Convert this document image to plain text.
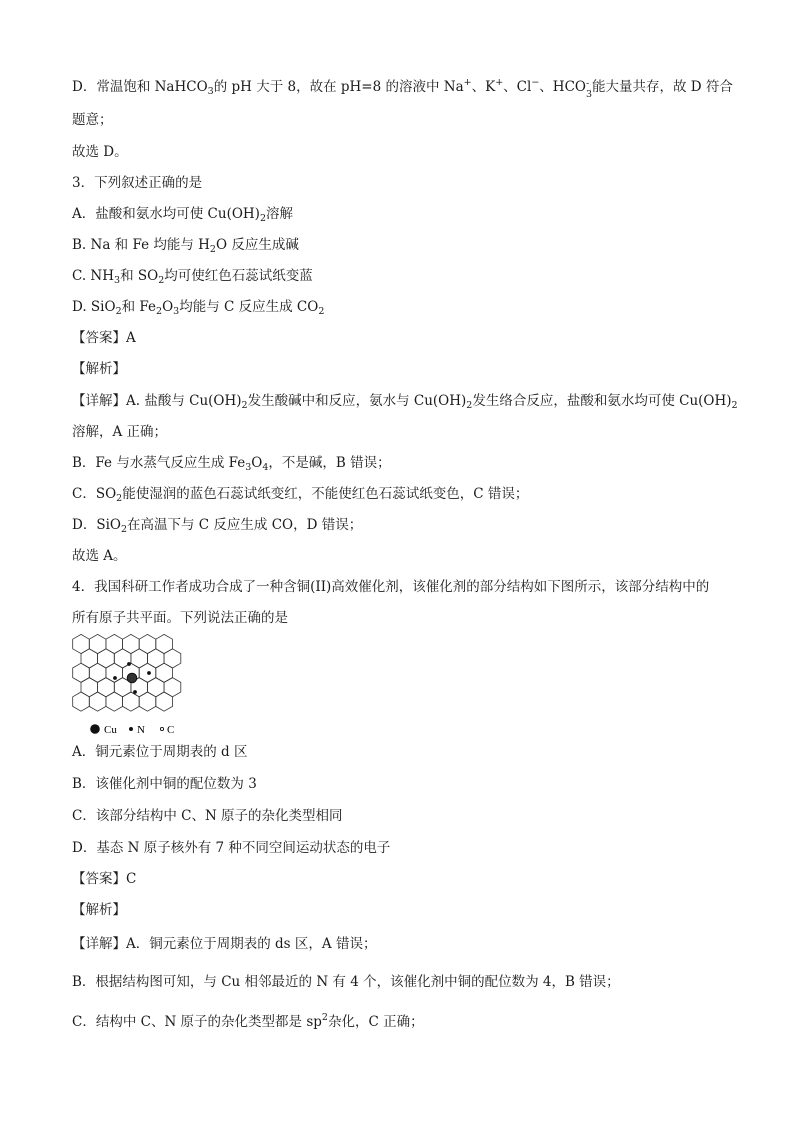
D．常温饱和 NaHCO$_3$的 pH 大于 8，故在 pH=8 的溶液中 Na+、K+、Cl−、HCO -
3 能大量共存，故 D 符合
题意；
故选 D。
3．下列叙述正确的是
A．盐酸和氨水均可使 $Cu(OH)_2$溶解
B. Na 和 Fe 均能与 $H_2O$ 反应生成碱
C. $NH_3$和 $SO_2$均可使红色石蕊试纸变蓝
D. SiO$_2$和 $Fe_2O_3$均能与 C 反应生成 $CO_2$
【答案】A
【解析】
【详解】A. 盐酸与 $Cu(OH)_2$发生酸碱中和反应，氨水与 $Cu(OH)_2$发生络合反应，盐酸和氨水均可使 $Cu(OH)_2$
溶解，A 正确；
B．Fe 与水蒸气反应生成 $Fe_3O_4$，不是碱，B 错误；
C．$SO_2$能使湿润的蓝色石蕊试纸变红，不能使红色石蕊试纸变色，C 错误；
D．SiO$_2$在高温下与 C 反应生成 CO，D 错误；
故选 A。
4．我国科研工作者成功合成了一种含铜(II)高效催化剂，该催化剂的部分结构如下图所示，该部分结构中的
所有原子共平面。下列说法正确的是
Cu N C
A．铜元素位于周期表的 d 区
B．该催化剂中铜的配位数为 3
C．该部分结构中 C、N 原子的杂化类型相同
D．基态 N 原子核外有 7 种不同空间运动状态的电子
【答案】C
【解析】
【详解】A．铜元素位于周期表的 ds 区，A 错误；
B．根据结构图可知，与 Cu 相邻最近的 N 有 4 个，该催化剂中铜的配位数为 4，B 错误；
C．结构中 C、N 原子的杂化类型都是 $sp^2$杂化，C 正确；
